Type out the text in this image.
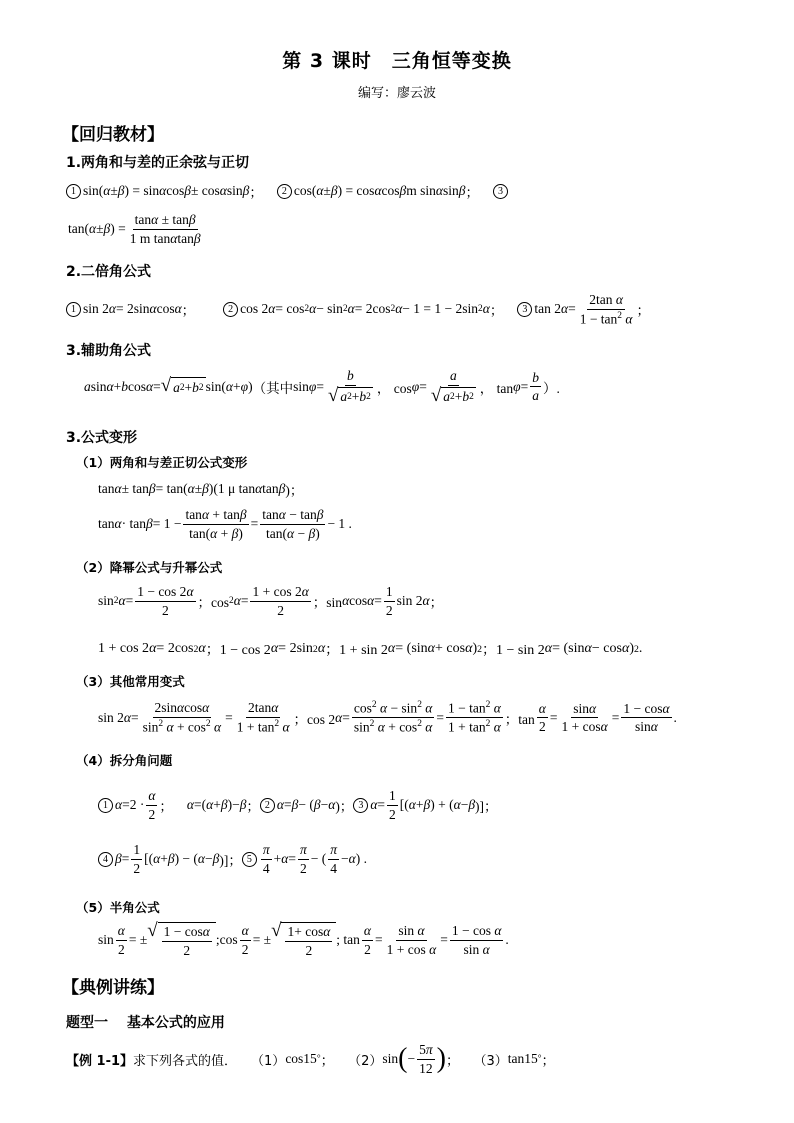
第 3 课时　三角恒等变换
编写：廖云波
【回归教材】
1.两角和与差的正余弦与正切
1 sin( α ± β ) = sin α cos β ± cos α sin β ；	2 cos( α ± β ) = cos α cos β m sin α sin β ；	3
tan( α ± β ) = $\frac{\tan\alpha \pm \tan\beta}{\text{1 m tanαtanβ}}$
2.二倍角公式
1 sin 2 α = 2sin α cos α ；	2 cos 2 α = cos 2 α − sin 2 α = 2cos 2 α − 1 = 1 − 2sin 2 α ；	3 tan 2 $\alpha = \frac{\text{2tan α}}{1 - \tan^2 \alpha}$ ；
3.辅助角公式
a sin α + b cos α = √ a 2 + b 2 sin( α + φ ) （其中 $\sin \varphi = \frac{b}{√ a 2 + b 2}$ ， $\cos \varphi = \frac{a}{√ a 2 + b 2}$ ， $\tan \varphi = \frac{b}{a}$ ）.
3.公式变形
（1）两角和与差正切公式变形
tan α ± tan β = tan( α ± β )(1 μ tan α tan β )；
$\tan \alpha \cdot \tan \beta = 1 - \frac{\tan\alpha + \tan\beta}{\tan(\alpha + \beta)} = \frac{\tan\alpha - \tan\beta}{\tan(\alpha - \beta)} - 1$ .
（2）降幂公式与升幂公式
sin 2 $\alpha = \frac{1 - \cos 2\alpha}{2}$ ；cos 2 $\alpha = \frac{1 + \cos 2\alpha}{2}$ ；sin α $\cos \alpha = \frac{1}{2}$ sin 2 α ；
1 + cos 2 α = 2cos 2 α ；1 − cos 2 α = 2sin 2 α ；1 + sin 2 α = (sin α + cos α ) 2 ；1 − sin 2 α = (sin α − cos α ) 2 .
（3）其他常用变式
sin 2 $\alpha = \frac{2\sin\alpha\cos\alpha}{\sin^2 \alpha + \cos^2 \alpha} = \frac{2\tan\alpha}{1 + \tan^2 \alpha}$ ；cos 2 $\alpha = \frac{\cos^2 \alpha - \sin^2 \alpha}{\sin^2 \alpha + \cos^2 \alpha} = \frac{1 - \tan^2 \alpha}{1 + \tan^2 \alpha}$ ；$\tan \frac{\alpha}{2} = \frac{\sin\alpha}{1 + \cos\alpha} = \frac{1 - \cos\alpha}{\sin\alpha}$ .
（4）拆分角问题
1 $\alpha =2 \cdot \frac{\alpha}{2}$ ； α =( α + β )− β ； 2 α = β − ( β − α )； 3 $\alpha = \frac{1}{2}$ [( α + β ) + ( α − β )]；
4 $\beta = \frac{1}{2}$ [( α + β ) − ( α − β )]； $5 \frac{\pi}{4} + \alpha = \frac{\pi}{2}$ − ( $\frac{\pi}{4} - \alpha$ ) .
（5）半角公式
$\sin \frac{\alpha}{2}$ = ± √ $\frac{1 - \cos\alpha}{2}$ ;cos $\frac{\alpha}{2}$ = ± √ $\frac{1+ \cos\alpha}{2}$ ; $\tan \frac{\alpha}{2} = \frac{\text{sin α}}{\text{1 + cos α}} = \frac{\text{1 − cos α}}{\text{sin α}}$ .
【典例讲练】
题型一　 基本公式的应用
【例 1-1】 求下列各式的值． （1） cos15 ° ； （2） sin ( − $\frac{5\pi}{12}$ ) ； （3） tan15 ° ；
